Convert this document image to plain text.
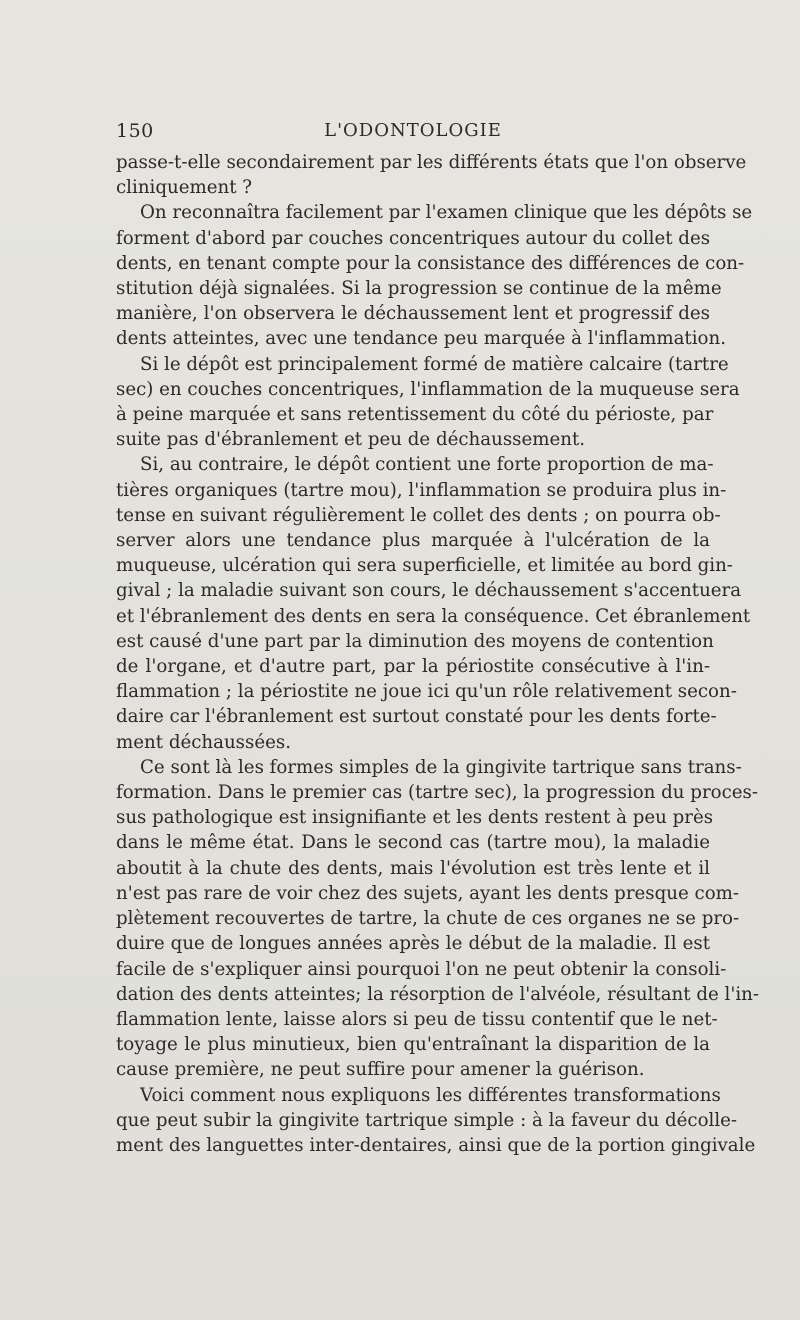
150	L'ODONTOLOGIE
passe-t-elle secondairement par les différents états que l'on observe
cliniquement ?
On reconnaîtra facilement par l'examen clinique que les dépôts se
forment d'abord par couches concentriques autour du collet des
dents, en tenant compte pour la consistance des différences de con-
stitution déjà signalées. Si la progression se continue de la même
manière, l'on observera le déchaussement lent et progressif des
dents atteintes, avec une tendance peu marquée à l'inflammation.
Si le dépôt est principalement formé de matière calcaire (tartre
sec) en couches concentriques, l'inflammation de la muqueuse sera
à peine marquée et sans retentissement du côté du périoste, par
suite pas d'ébranlement et peu de déchaussement.
Si, au contraire, le dépôt contient une forte proportion de ma-
tières organiques (tartre mou), l'inflammation se produira plus in-
tense en suivant régulièrement le collet des dents ; on pourra ob-
server alors une tendance plus marquée à l'ulcération de la
muqueuse, ulcération qui sera superficielle, et limitée au bord gin-
gival ; la maladie suivant son cours, le déchaussement s'accentuera
et l'ébranlement des dents en sera la conséquence. Cet ébranlement
est causé d'une part par la diminution des moyens de contention
de l'organe, et d'autre part, par la périostite consécutive à l'in-
flammation ; la périostite ne joue ici qu'un rôle relativement secon-
daire car l'ébranlement est surtout constaté pour les dents forte-
ment déchaussées.
Ce sont là les formes simples de la gingivite tartrique sans trans-
formation. Dans le premier cas (tartre sec), la progression du proces-
sus pathologique est insignifiante et les dents restent à peu près
dans le même état. Dans le second cas (tartre mou), la maladie
aboutit à la chute des dents, mais l'évolution est très lente et il
n'est pas rare de voir chez des sujets, ayant les dents presque com-
plètement recouvertes de tartre, la chute de ces organes ne se pro-
duire que de longues années après le début de la maladie. Il est
facile de s'expliquer ainsi pourquoi l'on ne peut obtenir la consoli-
dation des dents atteintes; la résorption de l'alvéole, résultant de l'in-
flammation lente, laisse alors si peu de tissu contentif que le net-
toyage le plus minutieux, bien qu'entraînant la disparition de la
cause première, ne peut suffire pour amener la guérison.
Voici comment nous expliquons les différentes transformations
que peut subir la gingivite tartrique simple : à la faveur du décolle-
ment des languettes inter-dentaires, ainsi que de la portion gingivale
